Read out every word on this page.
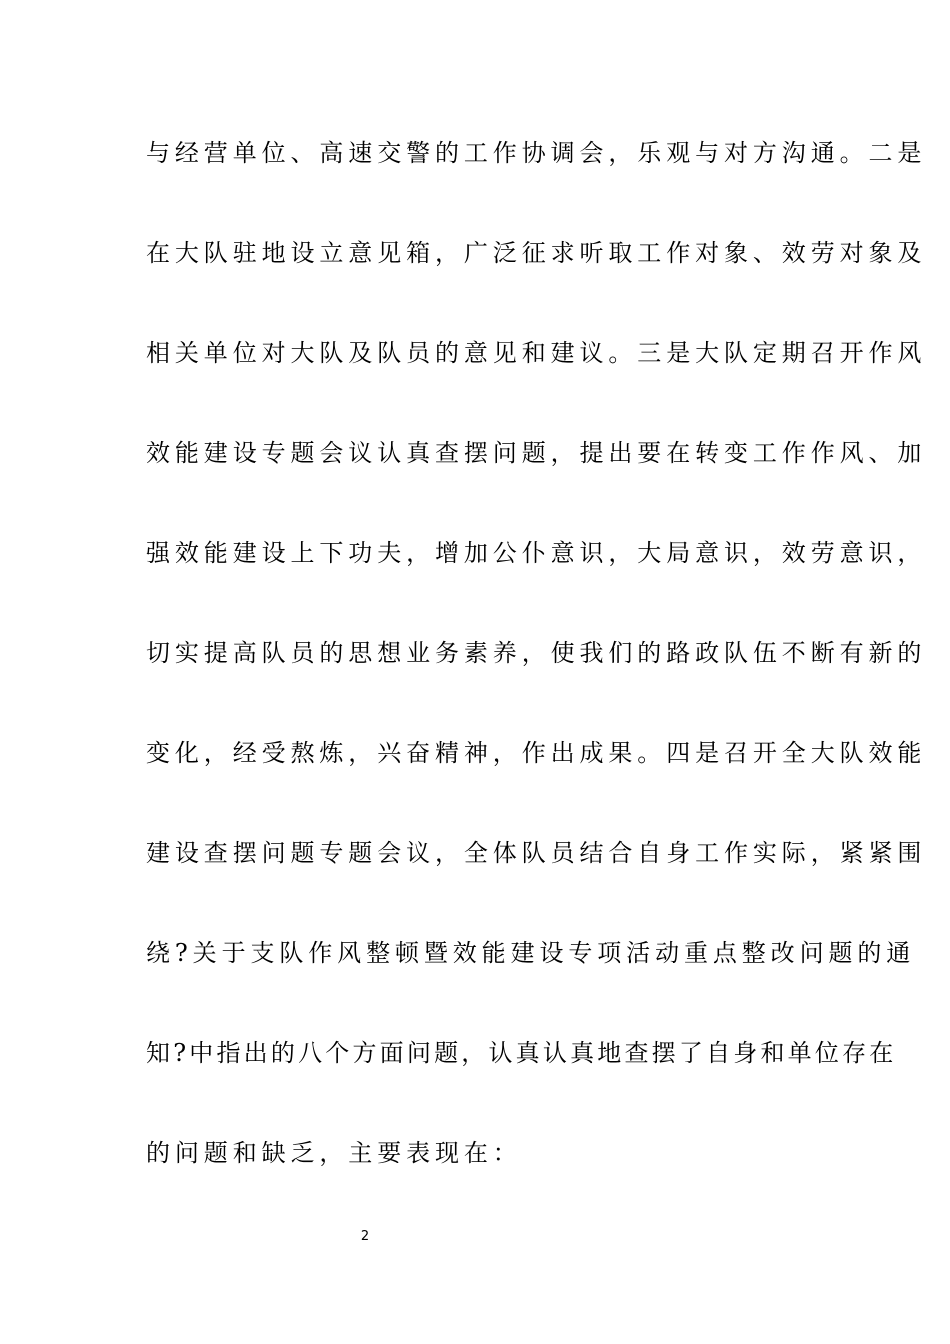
与经营单位、高速交警的工作协调会，乐观与对方沟通。二是
在大队驻地设立意见箱，广泛征求听取工作对象、效劳对象及
相关单位对大队及队员的意见和建议。三是大队定期召开作风
效能建设专题会议认真查摆问题，提出要在转变工作作风、加
强效能建设上下功夫，增加公仆意识，大局意识，效劳意识，
切实提高队员的思想业务素养，使我们的路政队伍不断有新的
变化，经受熬炼，兴奋精神，作出成果。四是召开全大队效能
建设查摆问题专题会议，全体队员结合自身工作实际，紧紧围
绕?关于支队作风整顿暨效能建设专项活动重点整改问题的通
知?中指出的八个方面问题，认真认真地查摆了自身和单位存在
的问题和缺乏，主要表现在：
2
